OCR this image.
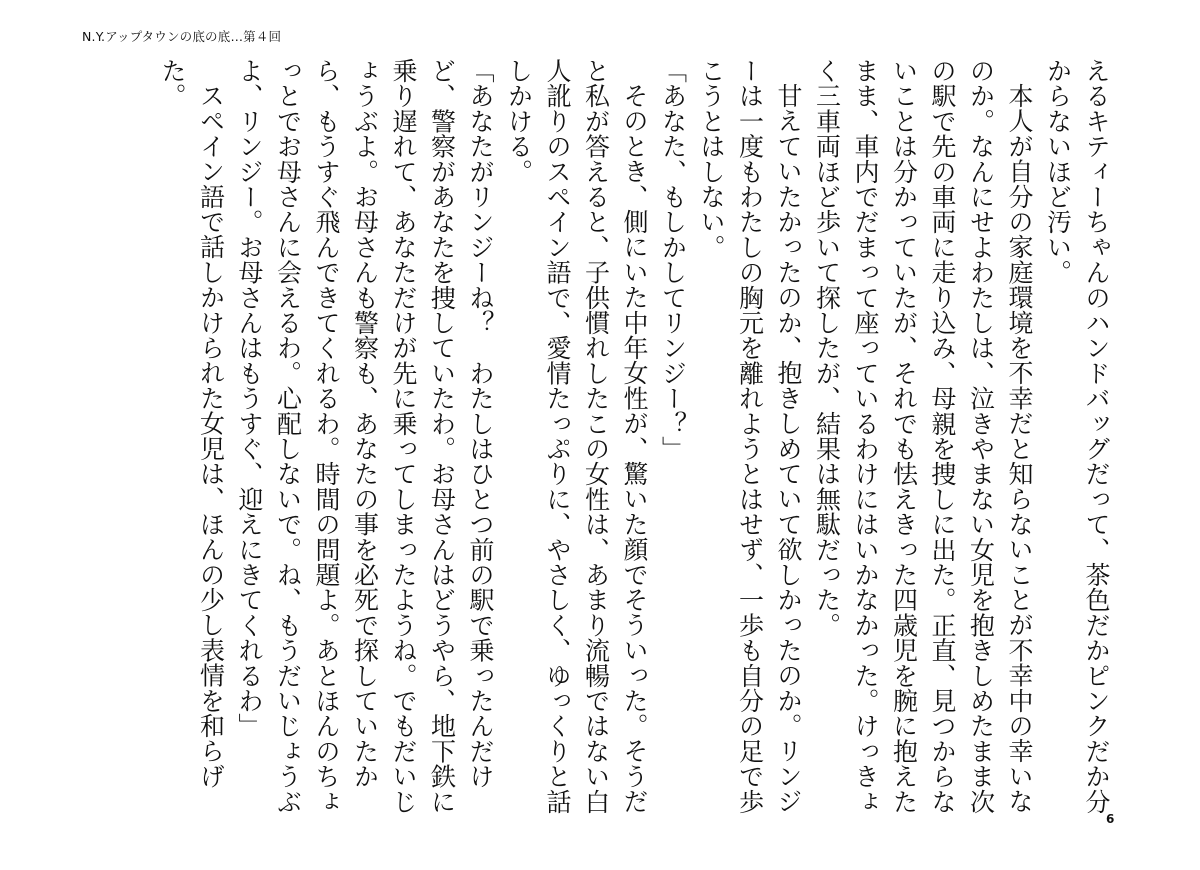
N.Y.アップタウンの底の底…第４回

えるキティーちゃんのハンドバッグだって、茶色だかピンクだか分からないほど汚い。

本人が自分の家庭環境を不幸だと知らないことが不幸中の幸いなのか。なんにせよわたしは、泣きやまない女児を抱きしめたまま次の駅で先の車両に走り込み、母親を捜しに出た。正直、見つからないことは分かっていたが、それでも怯えきった四歳児を腕に抱えたまま、車内でだまって座っているわけにはいかなかった。けっきょく三車両ほど歩いて探したが、結果は無駄だった。

甘えていたかったのか、抱きしめていて欲しかったのか。リンジーは一度もわたしの胸元を離れようとはせず、一歩も自分の足で歩こうとはしない。

「あなた、もしかしてリンジー？」

そのとき、側にいた中年女性が、驚いた顔でそういった。そうだと私が答えると、子供慣れしたこの女性は、あまり流暢ではない白人訛りのスペイン語で、愛情たっぷりに、やさしく、ゆっくりと話しかける。

「あなたがリンジーね？　わたしはひとつ前の駅で乗ったんだけど、警察があなたを捜していたわ。お母さんはどうやら、地下鉄に乗り遅れて、あなただけが先に乗ってしまったようね。でもだいじょうぶよ。お母さんも警察も、あなたの事を必死で探していたから、もうすぐ飛んできてくれるわ。時間の問題よ。あとほんのちょっとでお母さんに会えるわ。心配しないで。ね、もうだいじょうぶよ、リンジー。お母さんはもうすぐ、迎えにきてくれるわ」

スペイン語で話しかけられた女児は、ほんの少し表情を和らげた。

6
